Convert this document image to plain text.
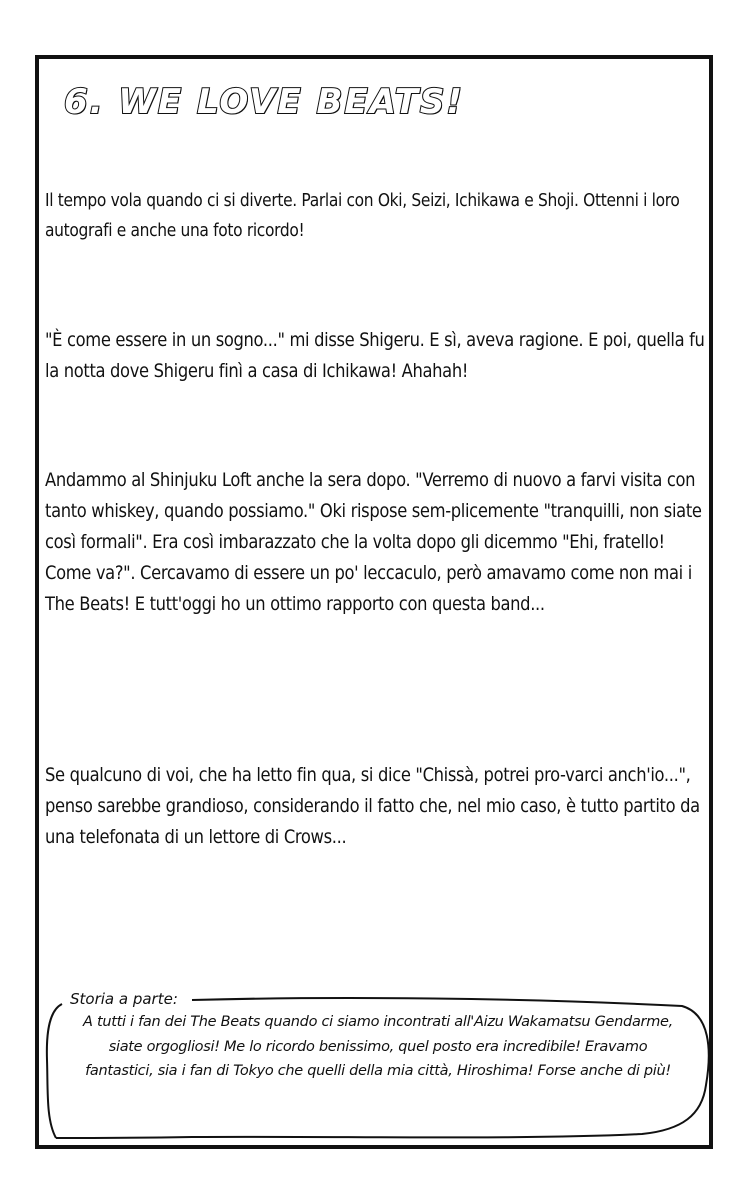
6. WE LOVE BEATS!

Il tempo vola quando ci si diverte. Parlai con Oki, Seizi, Ichikawa e Shoji. Ottenni i loro autografi e anche una foto ricordo!

"È come essere in un sogno..." mi disse Shigeru. E sì, aveva ragione. E poi, quella fu la notta dove Shigeru finì a casa di Ichikawa! Ahahah!

Andammo al Shinjuku Loft anche la sera dopo. "Verremo di nuovo a farvi visita con tanto whiskey, quando possiamo." Oki rispose sem-plicemente "tranquilli, non siate così formali". Era così imbarazzato che la volta dopo gli dicemmo "Ehi, fratello! Come va?". Cercavamo di essere un po' leccaculo, però amavamo come non mai i The Beats! E tutt'oggi ho un ottimo rapporto con questa band...

Se qualcuno di voi, che ha letto fin qua, si dice "Chissà, potrei pro-varci anch'io...", penso sarebbe grandioso, considerando il fatto che, nel mio caso, è tutto partito da una telefonata di un lettore di Crows...

Storia a parte:

A tutti i fan dei The Beats quando ci siamo incontrati all'Aizu Wakamatsu Gendarme, siate orgogliosi! Me lo ricordo benissimo, quel posto era incredibile! Eravamo fantastici, sia i fan di Tokyo che quelli della mia città, Hiroshima! Forse anche di più!
